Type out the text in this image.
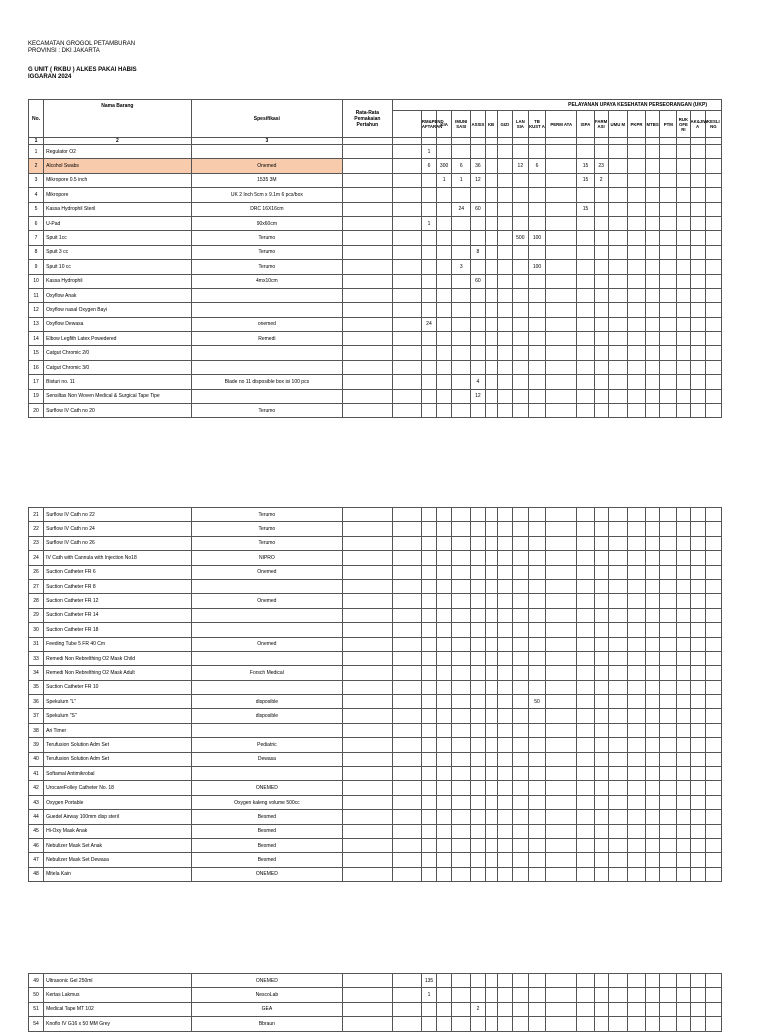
KECAMATAN GROGOL PETAMBURAN
PROVINSI : DKI JAKARTA
G UNIT ( RKBU ) ALKES PAKAI HABIS
IGGARAN 2024
No.	Nama Barang	Spesifikasi	Rata-Rata Pemakaian Pertahun	PELAYANAN UPAYA KESEHATAN PERSEORANGAN (UKP)																		
					RM&PEND AFTARAN	KIA	IMUNI SASI	ASSIX	KB	GIZI	LAN SIA	TB KUST A	PERM ATA	ISPA	FARM ASI	UMU M	PKPR	MTBS	PTM	RUK OFE RI	AK&JIW A	KESLI NG
1	2	3																				
1	Regulator O2				1																	
2	Alcohol Swabs	Onemed			6	300	6	36			12	6		15	23							
3	Mikropore 0.5 inch	1535 3M				1	1	12						15	2							
4	Mikropore	UK 2 Inch 5cm x 9.1m 6 pcs/box																				
5	Kassa Hydrophil Steril	DRC 16X16cm					24	60						15								
6	U-Pad	90x60cm			1																	
7	Spuit 1cc	Terumo									500	100										
8	Spuit 3 cc	Terumo						8														
9	Spuit 10 cc	Terumo					3					100										
10	Kassa Hydrophil	4mx10cm						60														
11	Oxyflow Anak																					
12	Oxyflow nasal Oxygen Bayi																					
13	Oxyflow Dewasa	onemed			24																	
14	Elbow Legfith Latex Powedered	Remedi																				
15	Catgut Chromic 2/0																					
16	Catgut Chromic 3/0																					
17	Bisturi no. 11	Blade no 11 disposible box isi 100 pcs						4														
19	Sensiltas Non Woven Medical & Surgical Tape Tipe							12														
20	Surflow IV Cath no 20	Terumo																				
21	Surflow IV Cath no 22	Terumo																				
22	Surflow IV Cath no 24	Terumo																				
23	Surflow IV Cath no 26	Terumo																				
24	IV Cath with Cannula with Injection No18	NIPRO																				
26	Suction Catheter FR 6	Onemed																				
27	Suction Catheter FR 8																					
28	Suction Catheter FR 12	Onemed																				
29	Suction Catheter FR 14																					
30	Suction Catheter FR 18																					
31	Feeding Tube 5 FR 40 Cm	Onemed																				
33	Remedi Non Rebrelthing O2 Mask Child																					
34	Remedi Non Rebrelthing O2 Mask Adult	Forsch Medical																				
35	Suction Catheter FR 10																					
36	Spekulum "L"	disposible										50										
37	Spekulum "S"	disposible																				
38	Ari Timer																					
39	Terufusion Solution Adm Set	Pediatric																				
40	Terufusion Solution Adm Set	Dewasa																				
41	Softamal Antimikrobal																					
42	UrocareFolley Catheter No. 18	ONEMED																				
43	Oxygen Portable	Oxygen kaleng volume 500cc																				
44	Guedel Airway 100mm disp steril	Besmed																				
45	Hi-Oxy Mask Anak	Besmed																				
46	Nebulizer Mask Set Anak	Besmed																				
47	Nebulizer Mask Set Dewasa	Besmed																				
48	Mitela Kain	ONEMED																				
49	Ultrasonic Gel 250ml	ONEMED			135																	
50	Kertas Lakmus	NescoLab			1																	
51	Medical Tape MT 102	GEA						2														
54	Knoflo IV G16 x 50 MM Grey	Bbraun																				
